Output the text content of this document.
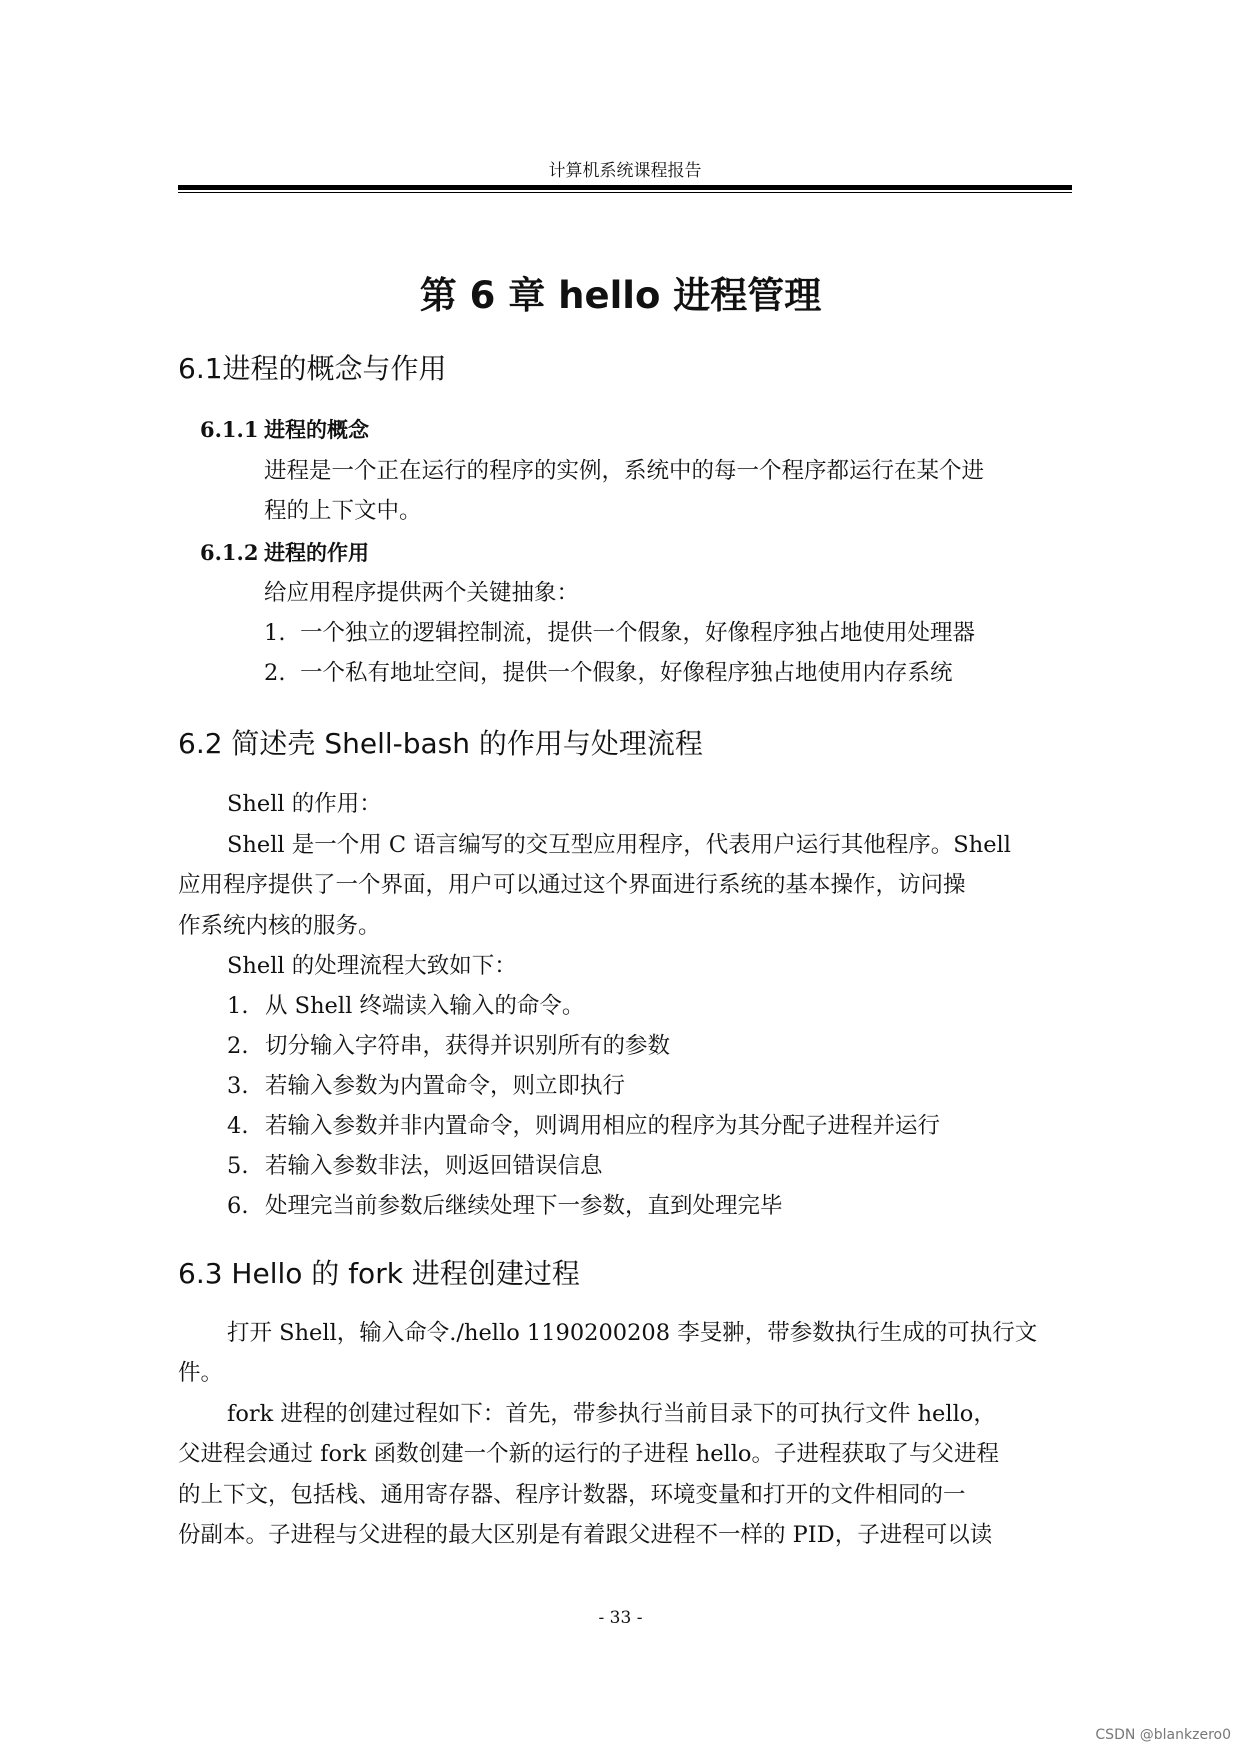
计算机系统课程报告
第 6 章 hello 进程管理
6.1进程的概念与作用
6.1.1 进程的概念
进程是一个正在运行的程序的实例，系统中的每一个程序都运行在某个进
程的上下文中。
6.1.2 进程的作用
给应用程序提供两个关键抽象：
1. 一个独立的逻辑控制流，提供一个假象，好像程序独占地使用处理器
2. 一个私有地址空间，提供一个假象，好像程序独占地使用内存系统
6.2 简述壳 Shell-bash 的作用与处理流程
Shell 的作用：
Shell 是一个用 C 语言编写的交互型应用程序，代表用户运行其他程序。Shell
应用程序提供了一个界面，用户可以通过这个界面进行系统的基本操作，访问操
作系统内核的服务。
Shell 的处理流程大致如下：
1. 从 Shell 终端读入输入的命令。
2. 切分输入字符串，获得并识别所有的参数
3. 若输入参数为内置命令，则立即执行
4. 若输入参数并非内置命令，则调用相应的程序为其分配子进程并运行
5. 若输入参数非法，则返回错误信息
6. 处理完当前参数后继续处理下一参数，直到处理完毕
6.3 Hello 的 fork 进程创建过程
打开 Shell，输入命令./hello 1190200208 李旻翀，带参数执行生成的可执行文
件。
fork 进程的创建过程如下：首先，带参执行当前目录下的可执行文件 hello，
父进程会通过 fork 函数创建一个新的运行的子进程 hello。子进程获取了与父进程
的上下文，包括栈、通用寄存器、程序计数器，环境变量和打开的文件相同的一
份副本。子进程与父进程的最大区别是有着跟父进程不一样的 PID，子进程可以读
- 33 -
CSDN @blankzero0
